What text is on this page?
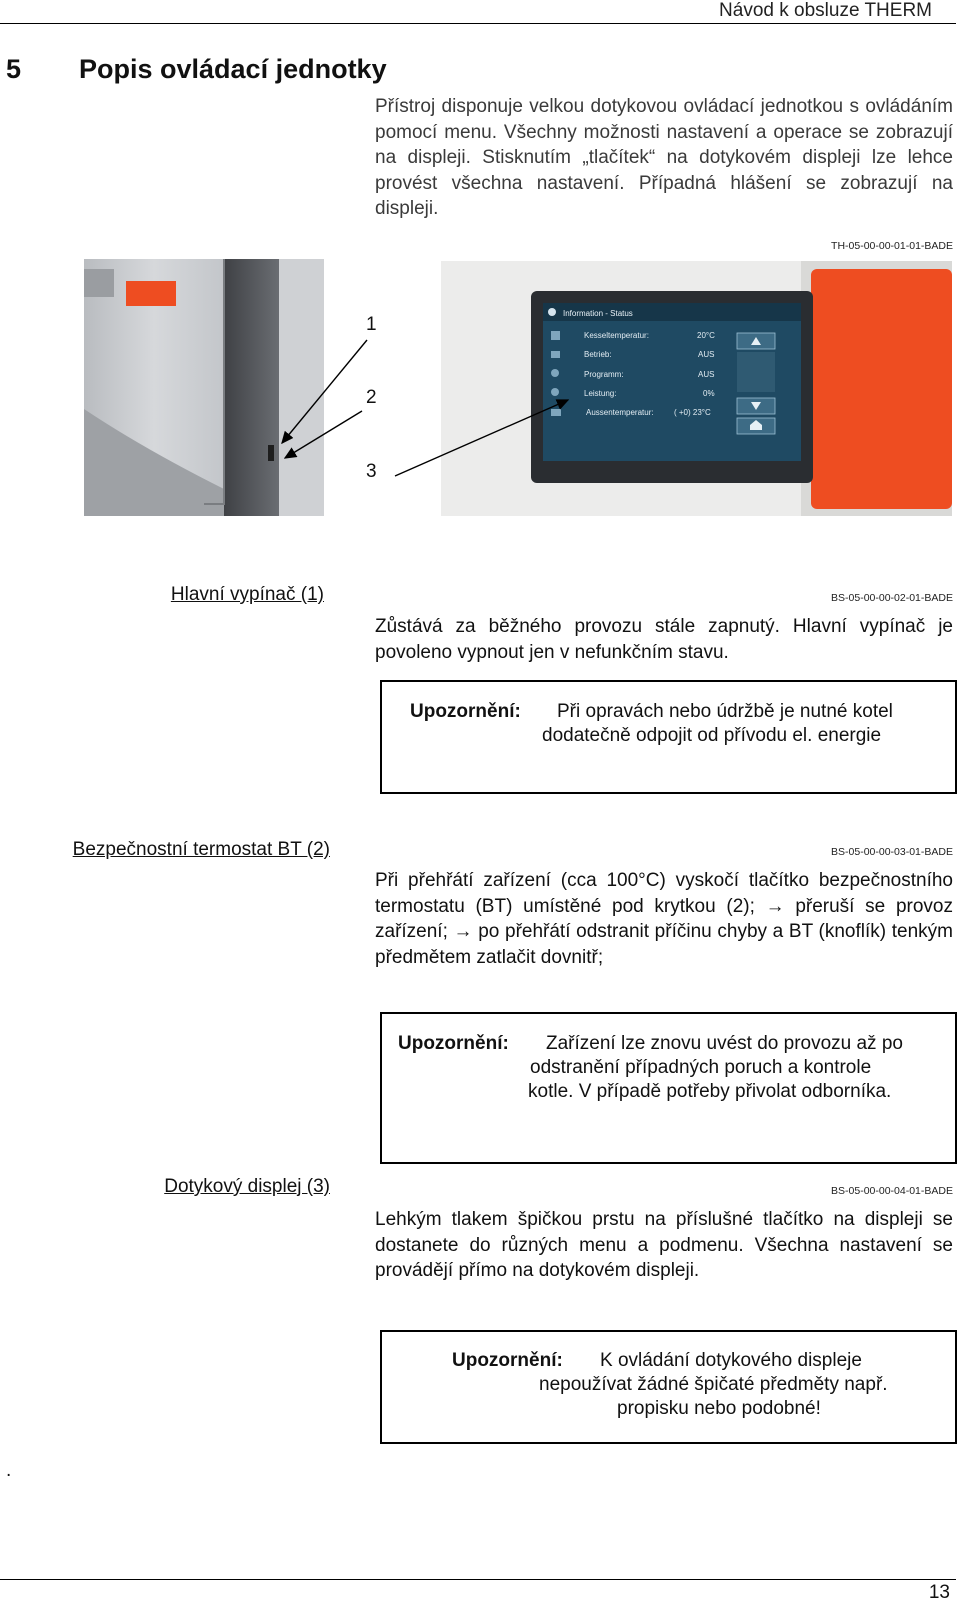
Návod k obsluze THERM
5 Popis ovládací jednotky
Přístroj disponuje velkou dotykovou ovládací jednotkou s ovládáním pomocí menu. Všechny možnosti nastavení a operace se zobrazují na displeji. Stisknutím „tlačítek“ na dotykovém displeji lze lehce provést všechna nastavení. Případná hlášení se zobrazují na displeji.
TH-05-00-00-01-01-BADE
Information - Status
Kesseltemperatur:	20°C
Betrieb:	AUS
Programm:	AUS
Leistung:	0%
Aussentemperatur:	( +0) 23°C
1
2
3
Hlavní vypínač (1)	BS-05-00-00-02-01-BADE
Zůstává za běžného provozu stále zapnutý. Hlavní vypínač je povoleno vypnout jen v nefunkčním stavu.
Upozornění: Při opravách nebo údržbě je nutné kotel
dodatečně odpojit od přívodu el. energie
Bezpečnostní termostat BT (2)	BS-05-00-00-03-01-BADE
Při přehřátí zařízení (cca 100°C) vyskočí tlačítko bezpečnostního termostatu (BT) umístěné pod krytkou (2); → přeruší se provoz zařízení; → po přehřátí odstranit příčinu chyby a BT (knoflík) tenkým předmětem zatlačit dovnitř;
Upozornění: Zařízení lze znovu uvést do provozu až po
odstranění případných poruch a kontrole
kotle. V případě potřeby přivolat odborníka.
Dotykový displej (3)	BS-05-00-00-04-01-BADE
Lehkým tlakem špičkou prstu na příslušné tlačítko na displeji se dostanete do různých menu a podmenu. Všechna nastavení se provádějí přímo na dotykovém displeji.
Upozornění: K ovládání dotykového displeje
nepoužívat žádné špičaté předměty např.
propisku nebo podobné!
.
13
